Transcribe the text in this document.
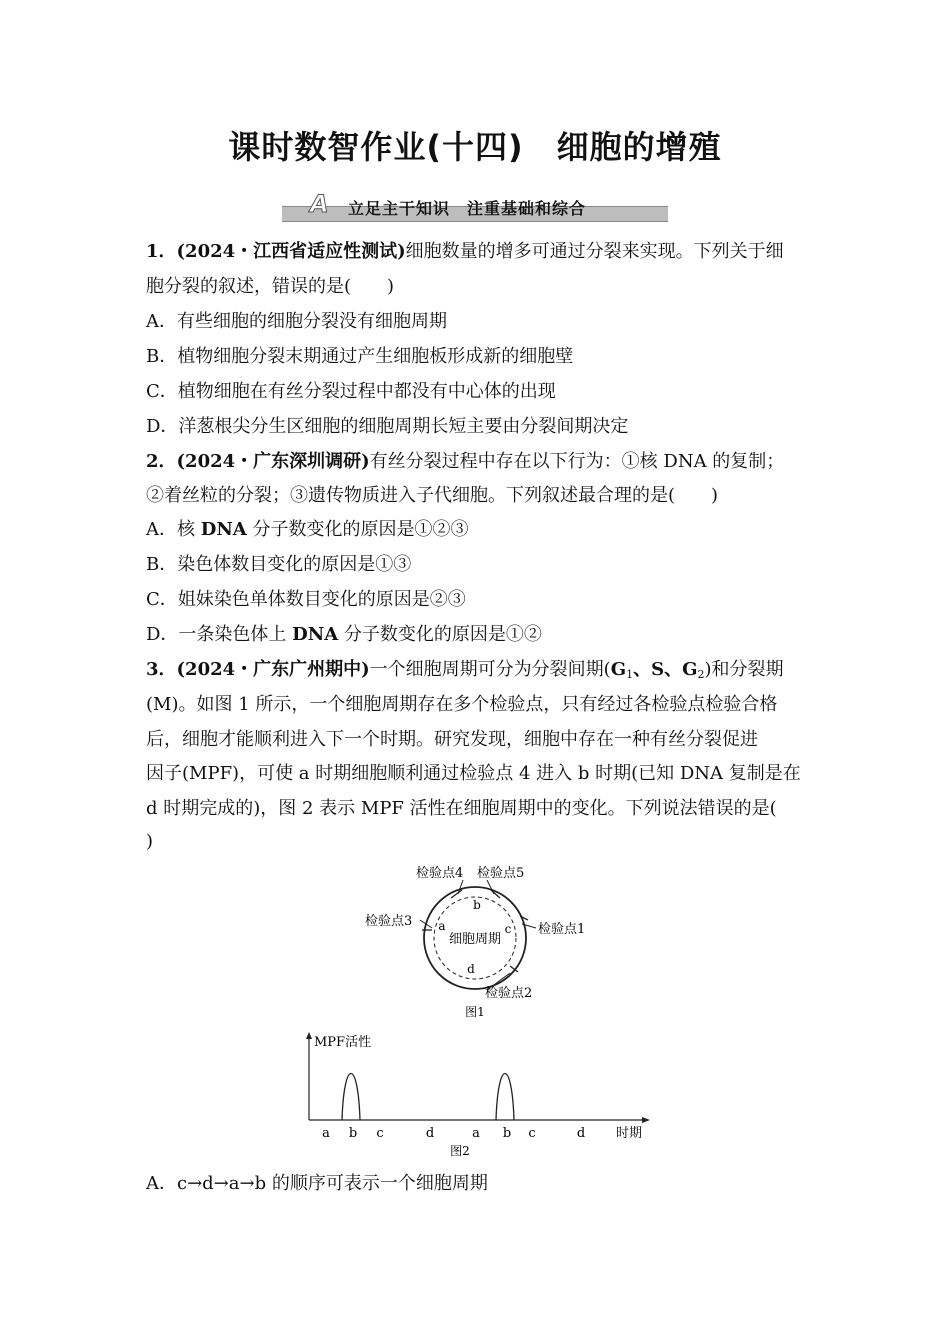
课时数智作业(十四)　细胞的增殖
A 立足主干知识　注重基础和综合
1．(2024・江西省适应性测试)细胞数量的增多可通过分裂来实现。下列关于细
胞分裂的叙述，错误的是(　　)
A．有些细胞的细胞分裂没有细胞周期
B．植物细胞分裂末期通过产生细胞板形成新的细胞壁
C．植物细胞在有丝分裂过程中都没有中心体的出现
D．洋葱根尖分生区细胞的细胞周期长短主要由分裂间期决定
2．(2024・广东深圳调研)有丝分裂过程中存在以下行为：①核 DNA 的复制；
②着丝粒的分裂；③遗传物质进入子代细胞。下列叙述最合理的是(　　)
A．核 DNA 分子数变化的原因是①②③
B．染色体数目变化的原因是①③
C．姐妹染色单体数目变化的原因是②③
D．一条染色体上 DNA 分子数变化的原因是①②
3．(2024・广东广州期中)一个细胞周期可分为分裂间期($G_1$、S、$G_2$)和分裂期
(M)。如图 1 所示，一个细胞周期存在多个检验点，只有经过各检验点检验合格
后，细胞才能顺利进入下一个时期。研究发现，细胞中存在一种有丝分裂促进
因子(MPF)，可使 a 时期细胞顺利通过检验点 4 进入 b 时期(已知 DNA 复制是在
d 时期完成的)，图 2 表示 MPF 活性在细胞周期中的变化。下列说法错误的是(
)
细胞周期
a
b
c
d
检验点4 检验点5
检验点1
检验点3
检验点2
图1
MPF活性
a b c	d	a b c	d 时期
图2
A．c→d→a→b 的顺序可表示一个细胞周期
